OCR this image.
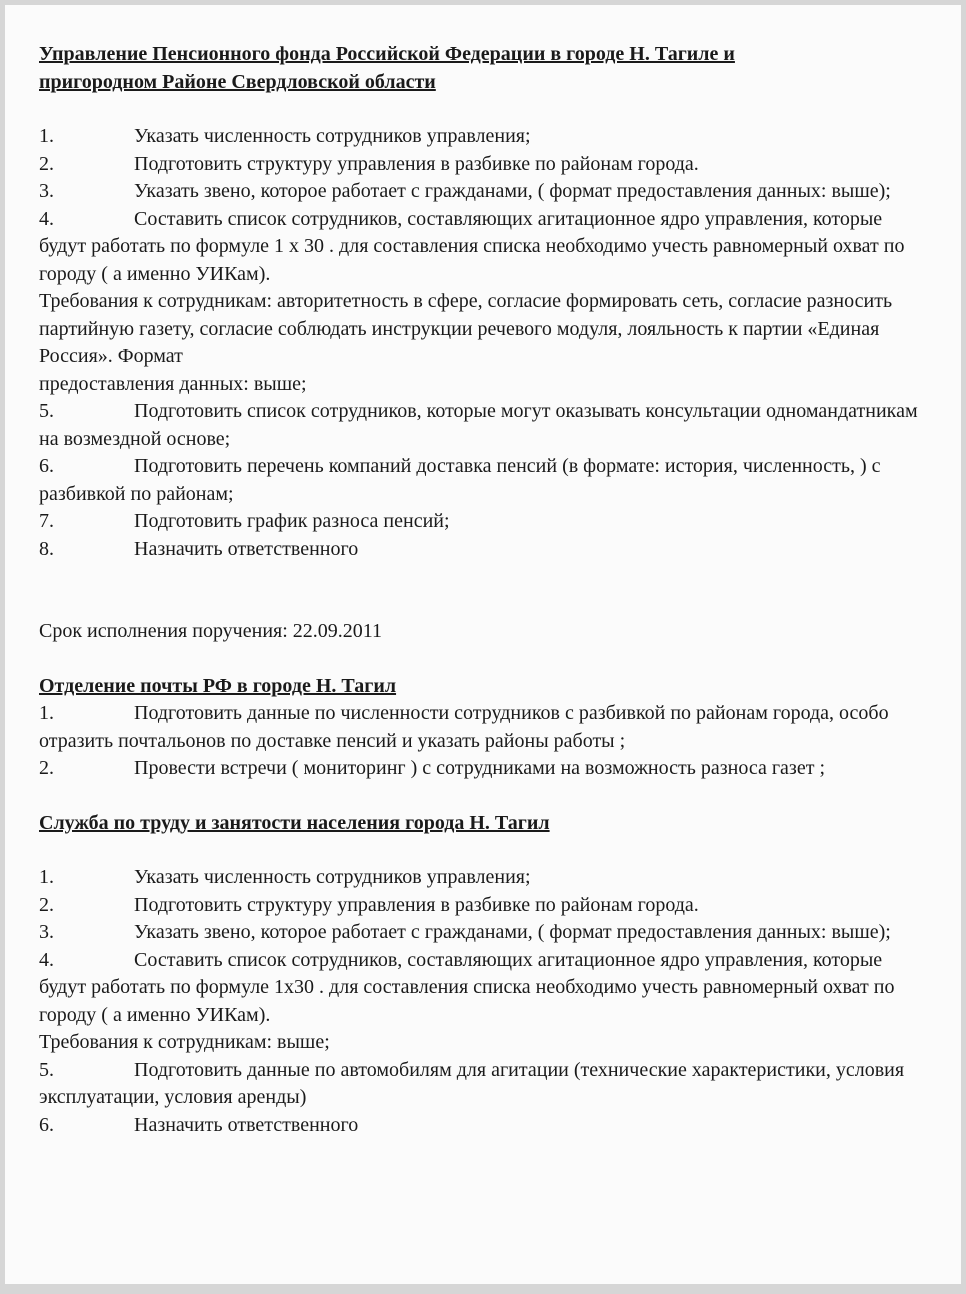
Управление Пенсионного фонда Российской Федерации в городе Н. Тагиле и
пригородном Районе Свердловской области

1.	Указать численность сотрудников управления;

2.	Подготовить структуру управления в разбивке по районам города.

3.	Указать звено, которое работает с гражданами, ( формат предоставления данных: выше);

4.	Составить список сотрудников, составляющих агитационное ядро управления, которые будут работать по формуле 1 х 30 . для составления списка необходимо учесть равномерный охват по городу ( а именно УИКам).

Требования к сотрудникам: авторитетность в сфере, согласие формировать сеть, согласие разносить партийную газету, согласие соблюдать инструкции речевого модуля, лояльность к партии «Единая Россия». Формат

предоставления данных: выше;

5.	Подготовить список сотрудников, которые могут оказывать консультации одномандатникам на возмездной основе;

6.	Подготовить перечень компаний доставка пенсий (в формате: история, численность, ) с разбивкой по районам;

7.	Подготовить график разноса пенсий;

8.	Назначить ответственного

Срок исполнения поручения: 22.09.2011

Отделение почты РФ в городе Н. Тагил

1.	Подготовить данные по численности сотрудников с разбивкой по районам города, особо отразить почтальонов по доставке пенсий и указать районы работы ;

2.	Провести встречи ( мониторинг ) с сотрудниками на возможность разноса газет ;

Служба по труду и занятости населения города Н. Тагил

1.	Указать численность сотрудников управления;

2.	Подготовить структуру управления в разбивке по районам города.

3.	Указать звено, которое работает с гражданами, ( формат предоставления данных: выше);

4.	Составить список сотрудников, составляющих агитационное ядро управления, которые будут работать по формуле 1х30 . для составления списка необходимо учесть равномерный охват по городу ( а именно УИКам).

Требования к сотрудникам: выше;

5.	Подготовить данные по автомобилям для агитации (технические характеристики, условия эксплуатации, условия аренды)

6.	Назначить ответственного
